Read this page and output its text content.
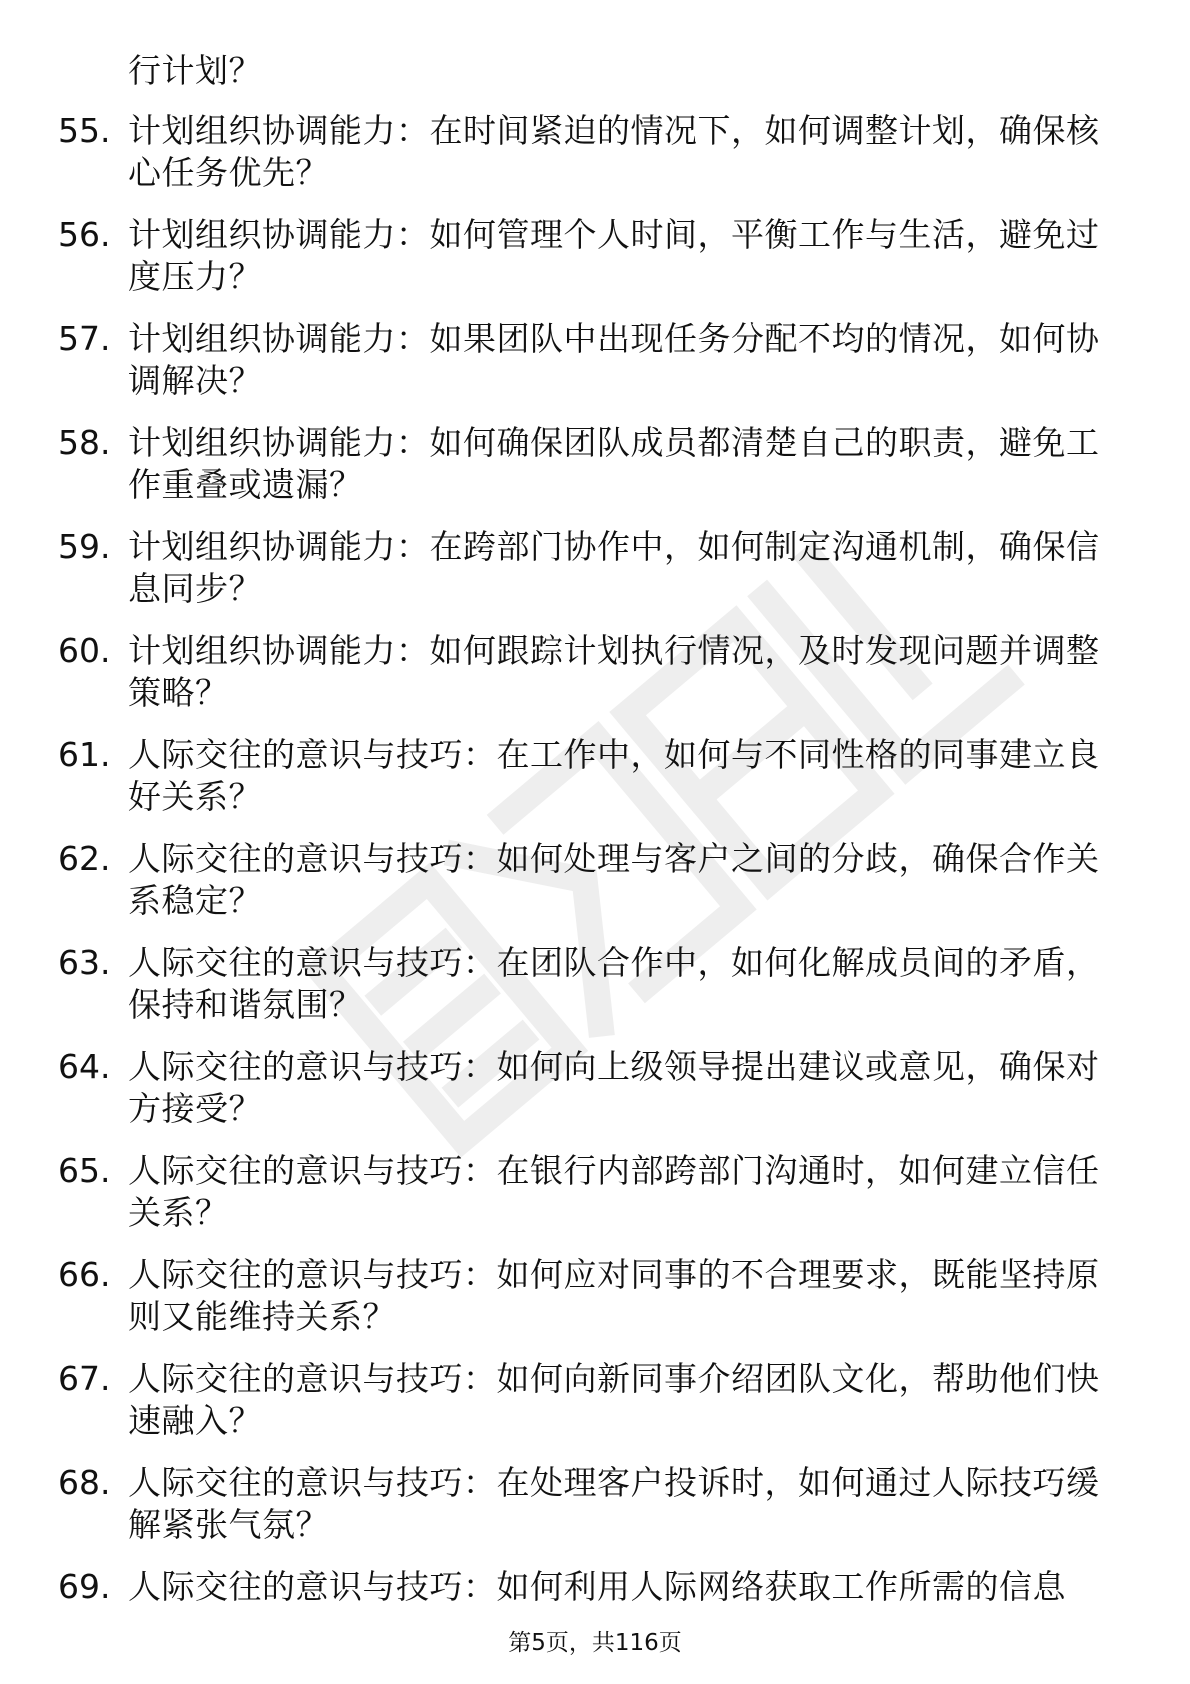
行计划？
55. 计划组织协调能力：在时间紧迫的情况下，如何调整计划，确保核心任务优先？
56. 计划组织协调能力：如何管理个人时间，平衡工作与生活，避免过度压力？
57. 计划组织协调能力：如果团队中出现任务分配不均的情况，如何协调解决？
58. 计划组织协调能力：如何确保团队成员都清楚自己的职责，避免工作重叠或遗漏？
59. 计划组织协调能力：在跨部门协作中，如何制定沟通机制，确保信息同步？
60. 计划组织协调能力：如何跟踪计划执行情况，及时发现问题并调整策略？
61. 人际交往的意识与技巧：在工作中，如何与不同性格的同事建立良好关系？
62. 人际交往的意识与技巧：如何处理与客户之间的分歧，确保合作关系稳定？
63. 人际交往的意识与技巧：在团队合作中，如何化解成员间的矛盾，保持和谐氛围？
64. 人际交往的意识与技巧：如何向上级领导提出建议或意见，确保对方接受？
65. 人际交往的意识与技巧：在银行内部跨部门沟通时，如何建立信任关系？
66. 人际交往的意识与技巧：如何应对同事的不合理要求，既能坚持原则又能维持关系？
67. 人际交往的意识与技巧：如何向新同事介绍团队文化，帮助他们快速融入？
68. 人际交往的意识与技巧：在处理客户投诉时，如何通过人际技巧缓解紧张气氛？
69. 人际交往的意识与技巧：如何利用人际网络获取工作所需的信息
第5页，共116页
